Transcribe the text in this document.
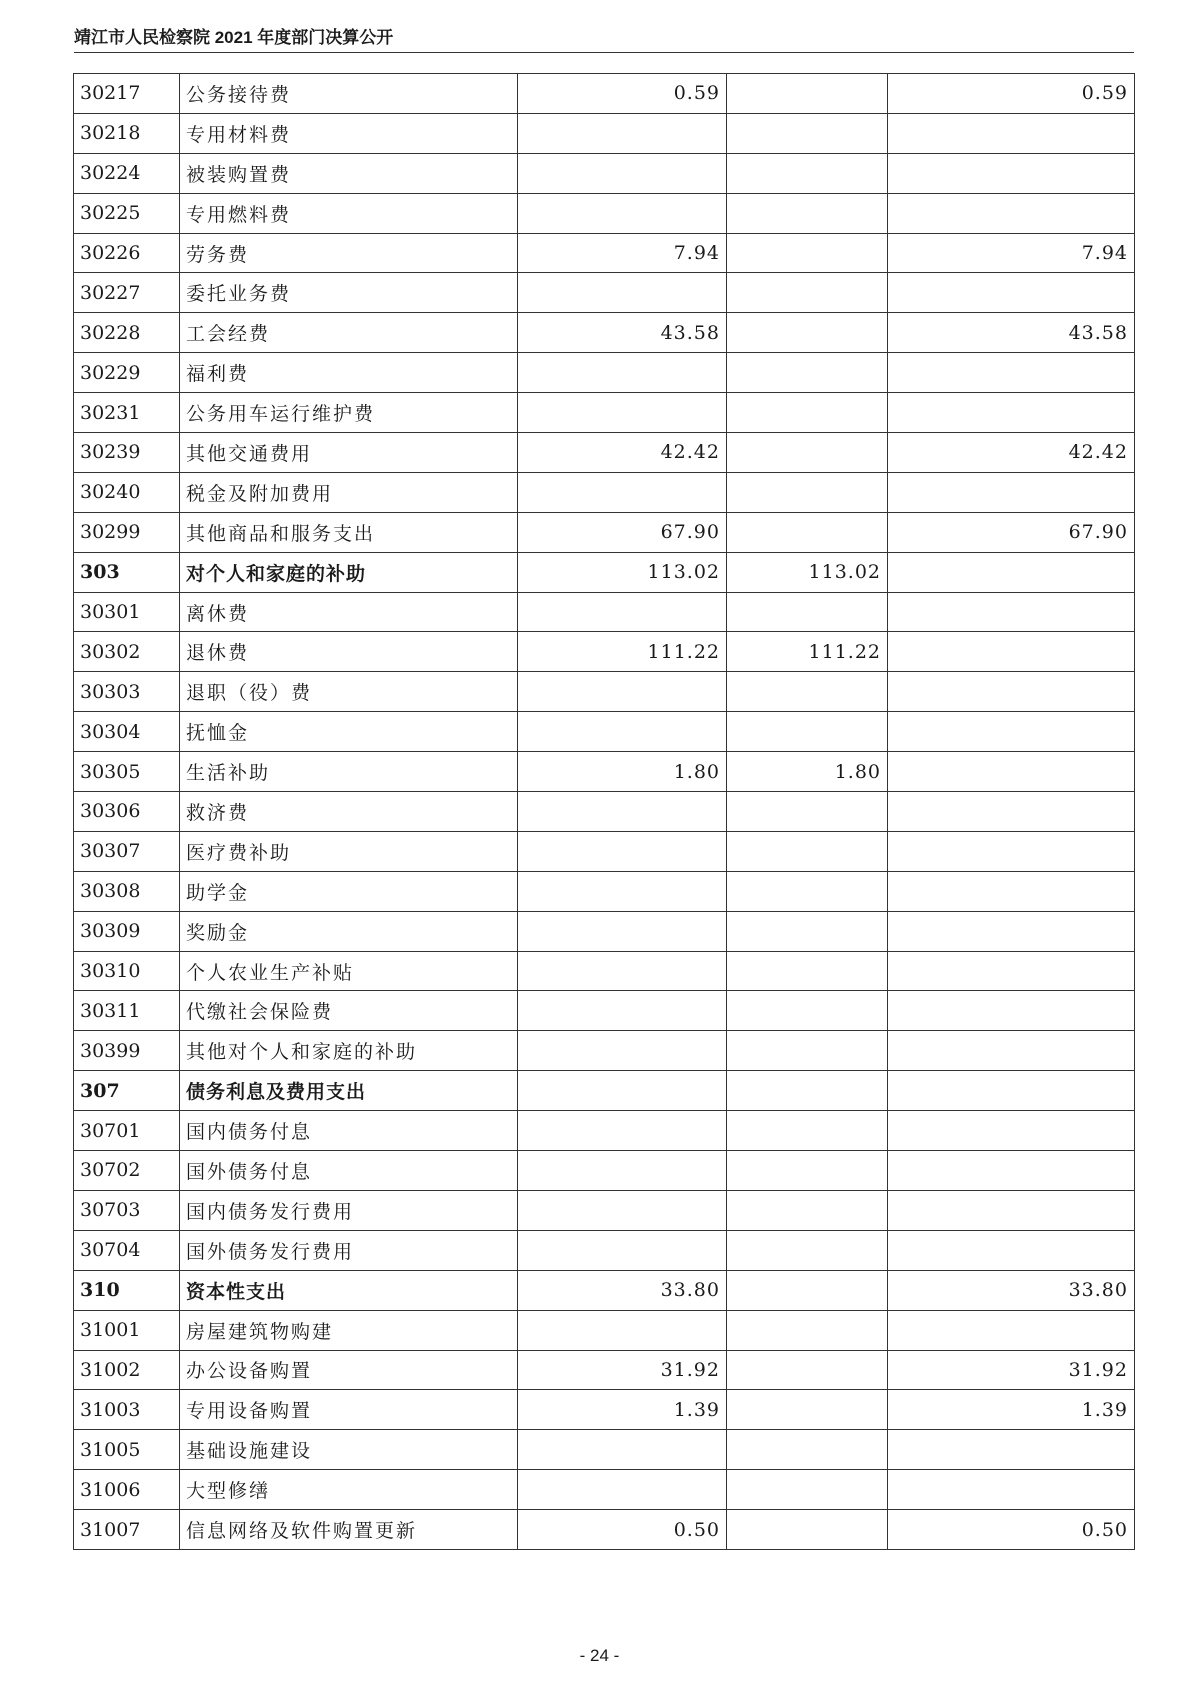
靖江市人民检察院 2021 年度部门决算公开
30217	公务接待费	0.59		0.59
30218	专用材料费			
30224	被装购置费			
30225	专用燃料费			
30226	劳务费	7.94		7.94
30227	委托业务费			
30228	工会经费	43.58		43.58
30229	福利费			
30231	公务用车运行维护费			
30239	其他交通费用	42.42		42.42
30240	税金及附加费用			
30299	其他商品和服务支出	67.90		67.90
303	对个人和家庭的补助	113.02	113.02	
30301	离休费			
30302	退休费	111.22	111.22	
30303	退职（役）费			
30304	抚恤金			
30305	生活补助	1.80	1.80	
30306	救济费			
30307	医疗费补助			
30308	助学金			
30309	奖励金			
30310	个人农业生产补贴			
30311	代缴社会保险费			
30399	其他对个人和家庭的补助			
307	债务利息及费用支出			
30701	国内债务付息			
30702	国外债务付息			
30703	国内债务发行费用			
30704	国外债务发行费用			
310	资本性支出	33.80		33.80
31001	房屋建筑物购建			
31002	办公设备购置	31.92		31.92
31003	专用设备购置	1.39		1.39
31005	基础设施建设			
31006	大型修缮			
31007	信息网络及软件购置更新	0.50		0.50
- 24 -
